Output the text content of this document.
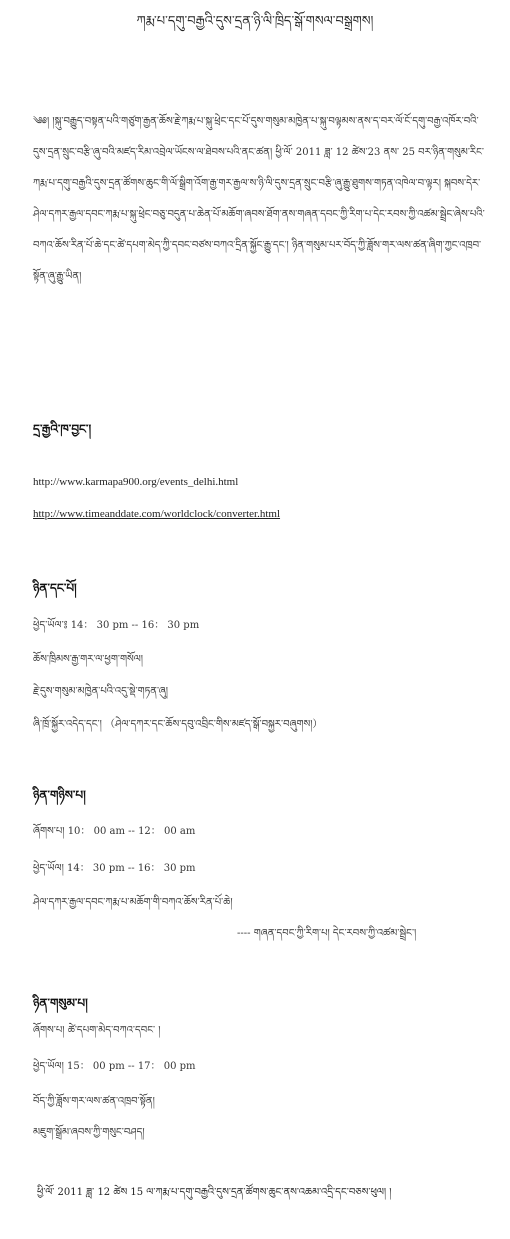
ཀརྨ་པ་དགུ་བརྒྱའི་དུས་དྲན་ཉི་ལི་ཁྲིད་སྒོ་གསལ་བསྒྲགས།

༄༅། །སྐུ་བརྒྱུད་བསྟན་པའི་གཙུག་རྒྱན་ཆོས་རྗེ་ཀརྨ་པ་སྐུ་ཕྲེང་དང་པོ་དུས་གསུམ་མཁྱེན་པ་སྐུ་བལྟམས་ནས་ད་བར་ལོ་ངོ་དགུ་བརྒྱ་འཁོར་བའི་དུས་དྲན་སྲུང་བརྩི་ཞུ་བའི་མཛད་རིམ་འབྲེལ་ཡོངས་ལ་ཐེབས་པའི་ནང་ཚན། ཕྱི་ལོ་ 2011 ཟླ་ 12 ཚེས་23 ནས་ 25 བར་ཉིན་གསུམ་རིང་ཀརྨ་པ་དགུ་བརྒྱའི་དུས་དྲན་ཚོགས་ཆུང་གི་ལོ་སྒྲིག་འོག་རྒྱ་གར་རྒྱལ་ས་ཉི་ལི་དུས་དྲན་སྲུང་བརྩི་ཞུ་རྒྱུ་ཐུགས་གཏན་འཁེལ་བ་ལྟར། སྐབས་དེར་ཤེལ་དཀར་རྒྱལ་དབང་ཀརྨ་པ་སྐུ་ཕྲེང་བཅུ་བདུན་པ་ཆེན་པོ་མཆོག་ཞབས་ཐོག་ནས་གཞན་དབང་ཀྱི་རིག་པ་དེང་རབས་ཀྱི་འཚམ་སྦྲེང་ཞེས་པའི་བཀའ་ཆོས་རིན་པོ་ཆེ་དང་ཚེ་དཔག་མེད་ཀྱི་དབང་བཙས་བཀའ་དྲིན་སྐྱོང་རྒྱུ་དང་། ཉིན་གསུམ་པར་བོད་ཀྱི་ཟློས་གར་ལས་ཚན་ཞིག་ཀྱང་འཁྲབ་སྟོན་ཞུ་རྒྱུ་ཡིན།

དྲ་རྒྱའི་ཁ་བྱང་།
http://www.karmapa900.org/events_delhi.html
http://www.timeanddate.com/worldclock/converter.html
ཉིན་དང་པོ།
ཕྱེད་ཡོལ་༔ 14： 30 pm -- 16： 30 pm
ཆོས་ཁྲིམས་རྒྱ་གར་ལ་ཕྱག་གསོལ།
རྗེ་དུས་གསུམ་མཁྱེན་པའི་འདུ་སྡེ་གཏན་ཞུ།
ཞི་ཁྲོ་སྐྱོར་འདེད་དང་། （ཤེལ་དཀར་དང་ཆོས་དབུ་འབྲིང་གིས་མཛད་སྒོ་བསྐྱར་བཞུགས།）
ཉིན་གཉིས་པ།
ཞོགས་པ། 10： 00 am -- 12： 00 am
ཕྱེད་ཡོལ། 14： 30 pm -- 16： 30 pm
ཤེལ་དཀར་རྒྱལ་དབང་ཀརྨ་པ་མཆོག་གི་བཀའ་ཆོས་རིན་པོ་ཆེ།
---- གཞན་དབང་ཀྱི་རིག་པ། དེང་རབས་ཀྱི་འཚམ་སྦྲེང་།
ཉིན་གསུམ་པ།
ཞོགས་པ། ཚེ་དཔག་མེད་བཀའ་དབང་ །
ཕྱེད་ཡོལ། 15： 00 pm -- 17： 00 pm
བོད་ཀྱི་ཟློས་གར་ལས་ཚན་འཁྲབ་སྟོན།
མཇུག་སྒྲོམ་ཞབས་ཀྱི་གསུང་བཤད།
ཕྱི་ལོ་ 2011 ཟླ་ 12 ཚེས 15 ལ་ཀརྨ་པ་དགུ་བརྒྱའི་དུས་དྲན་ཚོགས་ཆུང་ནས་འཆམ་འདྲི་དང་བཅས་ཕུལ། །
